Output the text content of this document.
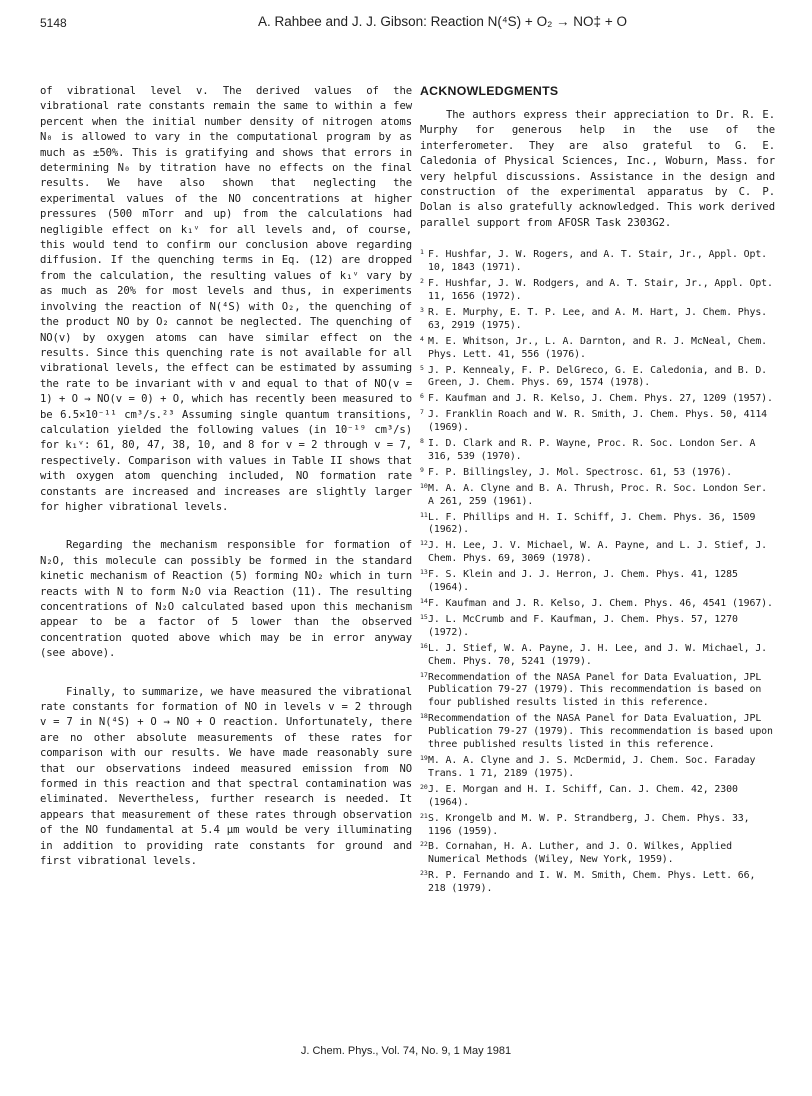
5148	A. Rahbee and J. J. Gibson: Reaction N(⁴S) + O₂ → NO‡ + O

of vibrational level v. The derived values of the vibrational rate constants remain the same to within a few percent when the initial number density of nitrogen atoms N₀ is allowed to vary in the computational program by as much as ±50%. This is gratifying and shows that errors in determining N₀ by titration have no effects on the final results. We have also shown that neglecting the experimental values of the NO concentrations at higher pressures (500 mTorr and up) from the calculations had negligible effect on k₁ᵛ for all levels and, of course, this would tend to confirm our conclusion above regarding diffusion. If the quenching terms in Eq. (12) are dropped from the calculation, the resulting values of k₁ᵛ vary by as much as 20% for most levels and thus, in experiments involving the reaction of N(⁴S) with O₂, the quenching of the product NO by O₂ cannot be neglected. The quenching of NO(v) by oxygen atoms can have similar effect on the results. Since this quenching rate is not available for all vibrational levels, the effect can be estimated by assuming the rate to be invariant with v and equal to that of NO(v = 1) + O → NO(v = 0) + O, which has recently been measured to be 6.5×10⁻¹¹ cm³/s.²³ Assuming single quantum transitions, calculation yielded the following values (in 10⁻¹⁹ cm³/s) for k₁ᵛ: 61, 80, 47, 38, 10, and 8 for v = 2 through v = 7, respectively. Comparison with values in Table II shows that with oxygen atom quenching included, NO formation rate constants are increased and increases are slightly larger for higher vibrational levels.

Regarding the mechanism responsible for formation of N₂O, this molecule can possibly be formed in the standard kinetic mechanism of Reaction (5) forming NO₂ which in turn reacts with N to form N₂O via Reaction (11). The resulting concentrations of N₂O calculated based upon this mechanism appear to be a factor of 5 lower than the observed concentration quoted above which may be in error anyway (see above).

Finally, to summarize, we have measured the vibrational rate constants for formation of NO in levels v = 2 through v = 7 in N(⁴S) + O → NO + O reaction. Unfortunately, there are no other absolute measurements of these rates for comparison with our results. We have made reasonably sure that our observations indeed measured emission from NO formed in this reaction and that spectral contamination was eliminated. Nevertheless, further research is needed. It appears that measurement of these rates through observation of the NO fundamental at 5.4 μm would be very illuminating in addition to providing rate constants for ground and first vibrational levels.

ACKNOWLEDGMENTS

The authors express their appreciation to Dr. R. E. Murphy for generous help in the use of the interferometer. They are also grateful to G. E. Caledonia of Physical Sciences, Inc., Woburn, Mass. for very helpful discussions. Assistance in the design and construction of the experimental apparatus by C. P. Dolan is also gratefully acknowledged. This work derived parallel support from AFOSR Task 2303G2.

1 F. Hushfar, J. W. Rogers, and A. T. Stair, Jr., Appl. Opt. 10, 1843 (1971).
2 F. Hushfar, J. W. Rodgers, and A. T. Stair, Jr., Appl. Opt. 11, 1656 (1972).
3 R. E. Murphy, E. T. P. Lee, and A. M. Hart, J. Chem. Phys. 63, 2919 (1975).
4 M. E. Whitson, Jr., L. A. Darnton, and R. J. McNeal, Chem. Phys. Lett. 41, 556 (1976).
5 J. P. Kennealy, F. P. DelGreco, G. E. Caledonia, and B. D. Green, J. Chem. Phys. 69, 1574 (1978).
6 F. Kaufman and J. R. Kelso, J. Chem. Phys. 27, 1209 (1957).
7 J. Franklin Roach and W. R. Smith, J. Chem. Phys. 50, 4114 (1969).
8 I. D. Clark and R. P. Wayne, Proc. R. Soc. London Ser. A 316, 539 (1970).
9 F. P. Billingsley, J. Mol. Spectrosc. 61, 53 (1976).
10 M. A. A. Clyne and B. A. Thrush, Proc. R. Soc. London Ser. A 261, 259 (1961).
11 L. F. Phillips and H. I. Schiff, J. Chem. Phys. 36, 1509 (1962).
12 J. H. Lee, J. V. Michael, W. A. Payne, and L. J. Stief, J. Chem. Phys. 69, 3069 (1978).
13 F. S. Klein and J. J. Herron, J. Chem. Phys. 41, 1285 (1964).
14 F. Kaufman and J. R. Kelso, J. Chem. Phys. 46, 4541 (1967).
15 J. L. McCrumb and F. Kaufman, J. Chem. Phys. 57, 1270 (1972).
16 L. J. Stief, W. A. Payne, J. H. Lee, and J. W. Michael, J. Chem. Phys. 70, 5241 (1979).
17 Recommendation of the NASA Panel for Data Evaluation, JPL Publication 79-27 (1979). This recommendation is based on four published results listed in this reference.
18 Recommendation of the NASA Panel for Data Evaluation, JPL Publication 79-27 (1979). This recommendation is based upon three published results listed in this reference.
19 M. A. A. Clyne and J. S. McDermid, J. Chem. Soc. Faraday Trans. 1 71, 2189 (1975).
20 J. E. Morgan and H. I. Schiff, Can. J. Chem. 42, 2300 (1964).
21 S. Krongelb and M. W. P. Strandberg, J. Chem. Phys. 33, 1196 (1959).
22 B. Cornahan, H. A. Luther, and J. O. Wilkes, Applied Numerical Methods (Wiley, New York, 1959).
23 R. P. Fernando and I. W. M. Smith, Chem. Phys. Lett. 66, 218 (1979).
J. Chem. Phys., Vol. 74, No. 9, 1 May 1981
